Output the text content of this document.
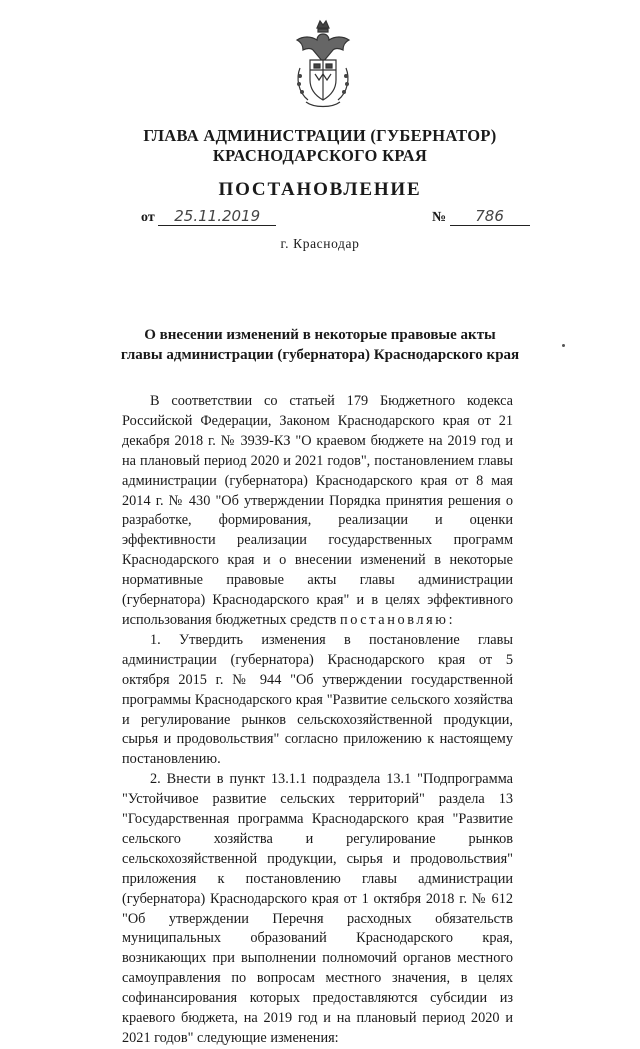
ГЛАВА АДМИНИСТРАЦИИ (ГУБЕРНАТОР)
КРАСНОДАРСКОГО КРАЯ
ПОСТАНОВЛЕНИЕ
от 25.11.2019	№ 786
г. Краснодар
О внесении изменений в некоторые правовые акты
главы администрации (губернатора) Краснодарского края

В соответствии со статьей 179 Бюджетного кодекса Российской Федерации, Законом Краснодарского края от 21 декабря 2018 г. № 3939-КЗ "О краевом бюджете на 2019 год и на плановый период 2020 и 2021 годов", постановлением главы администрации (губернатора) Краснодарского края от 8 мая 2014 г. № 430 "Об утверждении Порядка принятия решения о разработке, формирования, реализации и оценки эффективности реализации государственных программ Краснодарского края и о внесении изменений в некоторые нормативные правовые акты главы администрации (губернатора) Краснодарского края" и в целях эффективного использования бюджетных средств постановляю:

1. Утвердить изменения в постановление главы администрации (губернатора) Краснодарского края от 5 октября 2015 г. № 944 "Об утверждении государственной программы Краснодарского края "Развитие сельского хозяйства и регулирование рынков сельскохозяйственной продукции, сырья и продовольствия" согласно приложению к настоящему постановлению.

2. Внести в пункт 13.1.1 подраздела 13.1 "Подпрограмма "Устойчивое развитие сельских территорий" раздела 13 "Государственная программа Краснодарского края "Развитие сельского хозяйства и регулирование рынков сельскохозяйственной продукции, сырья и продовольствия" приложения к постановлению главы администрации (губернатора) Краснодарского края от 1 октября 2018 г. № 612 "Об утверждении Перечня расходных обязательств муниципальных образований Краснодарского края, возникающих при выполнении полномочий органов местного самоуправления по вопросам местного значения, в целях софинансирования которых предоставляются субсидии из краевого бюджета, на 2019 год и на плановый период 2020 и 2021 годов" следующие изменения:
